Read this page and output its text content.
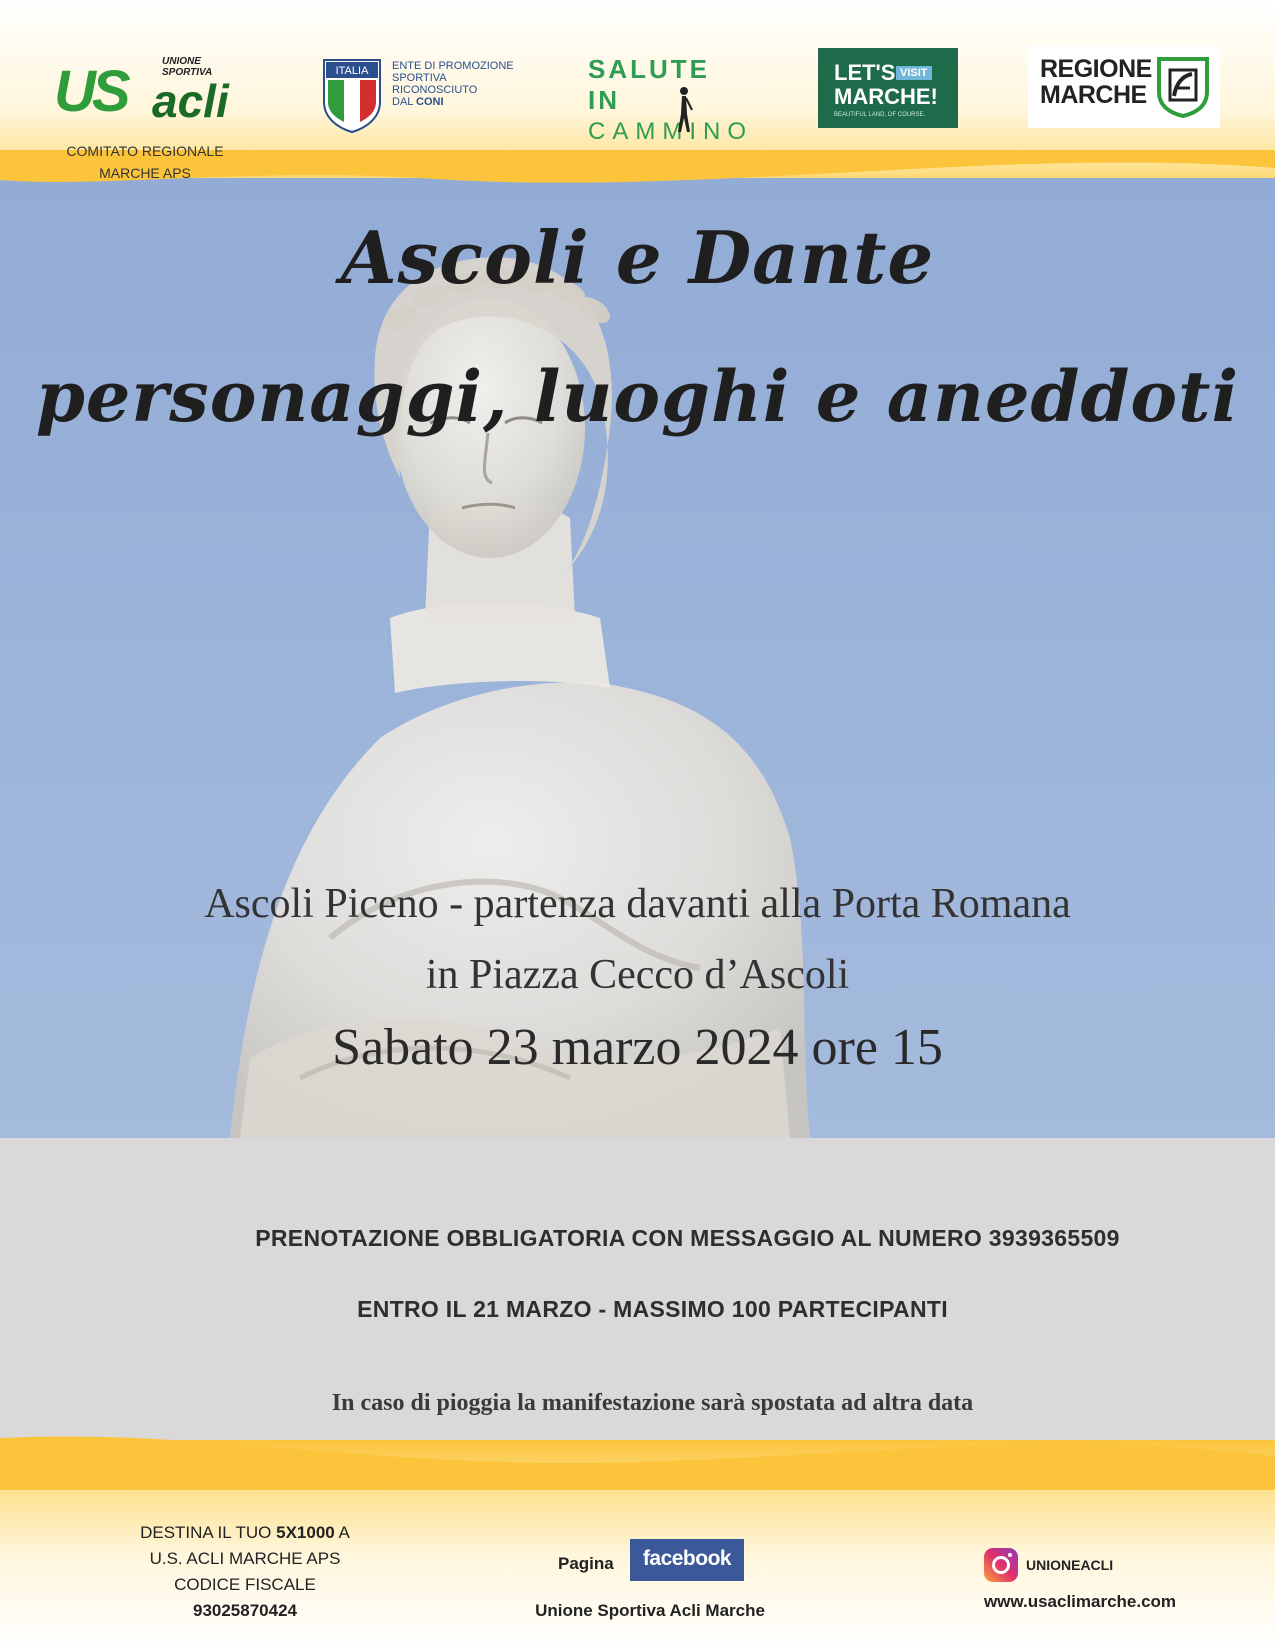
UNIONE SPORTIVA
US acli
COMITATO REGIONALE
MARCHE APS
ITALIA ENTE DI PROMOZIONE
SPORTIVA
RICONOSCIUTO
DAL CONI
SALUTE IN
CAMMINO
LET'S VISIT
MARCHE!
BEAUTIFUL LAND, OF COURSE.
REGIONE
MARCHE
Ascoli e Dante
personaggi, luoghi e aneddoti
Ascoli Piceno - partenza davanti alla Porta Romana
in Piazza Cecco d’Ascoli
Sabato 23 marzo 2024 ore 15
PRENOTAZIONE OBBLIGATORIA CON MESSAGGIO AL NUMERO 3939365509
ENTRO IL 21 MARZO - MASSIMO 100 PARTECIPANTI
In caso di pioggia la manifestazione sarà spostata ad altra data
DESTINA IL TUO 5X1000 A
U.S. ACLI MARCHE APS
CODICE FISCALE
93025870424
Pagina	facebook
Unione Sportiva Acli Marche
UNIONEACLI
www.usaclimarche.com
